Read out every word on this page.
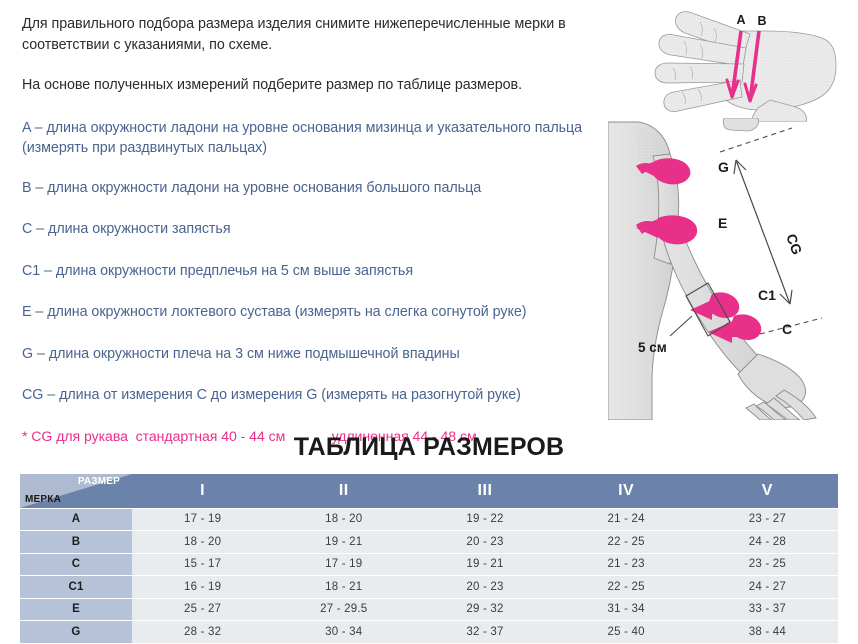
Для правильного подбора размера изделия снимите нижеперечисленные мерки в соответствии с указаниями, по схеме.

На основе полученных измерений подберите размер по таблице размеров.

A – длина окружности ладони на уровне основания мизинца и указательного пальца (измерять при раздвинутых пальцах)

B – длина окружности ладони на уровне основания большого пальца

C – длина окружности запястья

C1 – длина окружности предплечья на 5 см выше запястья

E – длина окружности локтевого сустава (измерять на слегка согнутой руке)

G – длина окружности плеча на 3 см ниже подмышечной впадины

CG – длина от измерения C до измерения G (измерять на разогнутой руке)

* CG для рукава  стандартная 40 - 44 см            удлиненная 44 - 48 см

A B
G
E
C1
5 см
CG
C
ТАБЛИЦА РАЗМЕРОВ
РАЗМЕР
МЕРКА	I	II	III	IV	V
A	17 - 19	18 - 20	19 - 22	21 - 24	23 - 27
B	18 - 20	19 - 21	20 - 23	22 - 25	24 - 28
C	15 - 17	17 - 19	19 - 21	21 - 23	23 - 25
C1	16 - 19	18 - 21	20 - 23	22 - 25	24 - 27
E	25 - 27	27 - 29.5	29 - 32	31 - 34	33 - 37
G	28 - 32	30 - 34	32 - 37	25 - 40	38 - 44
